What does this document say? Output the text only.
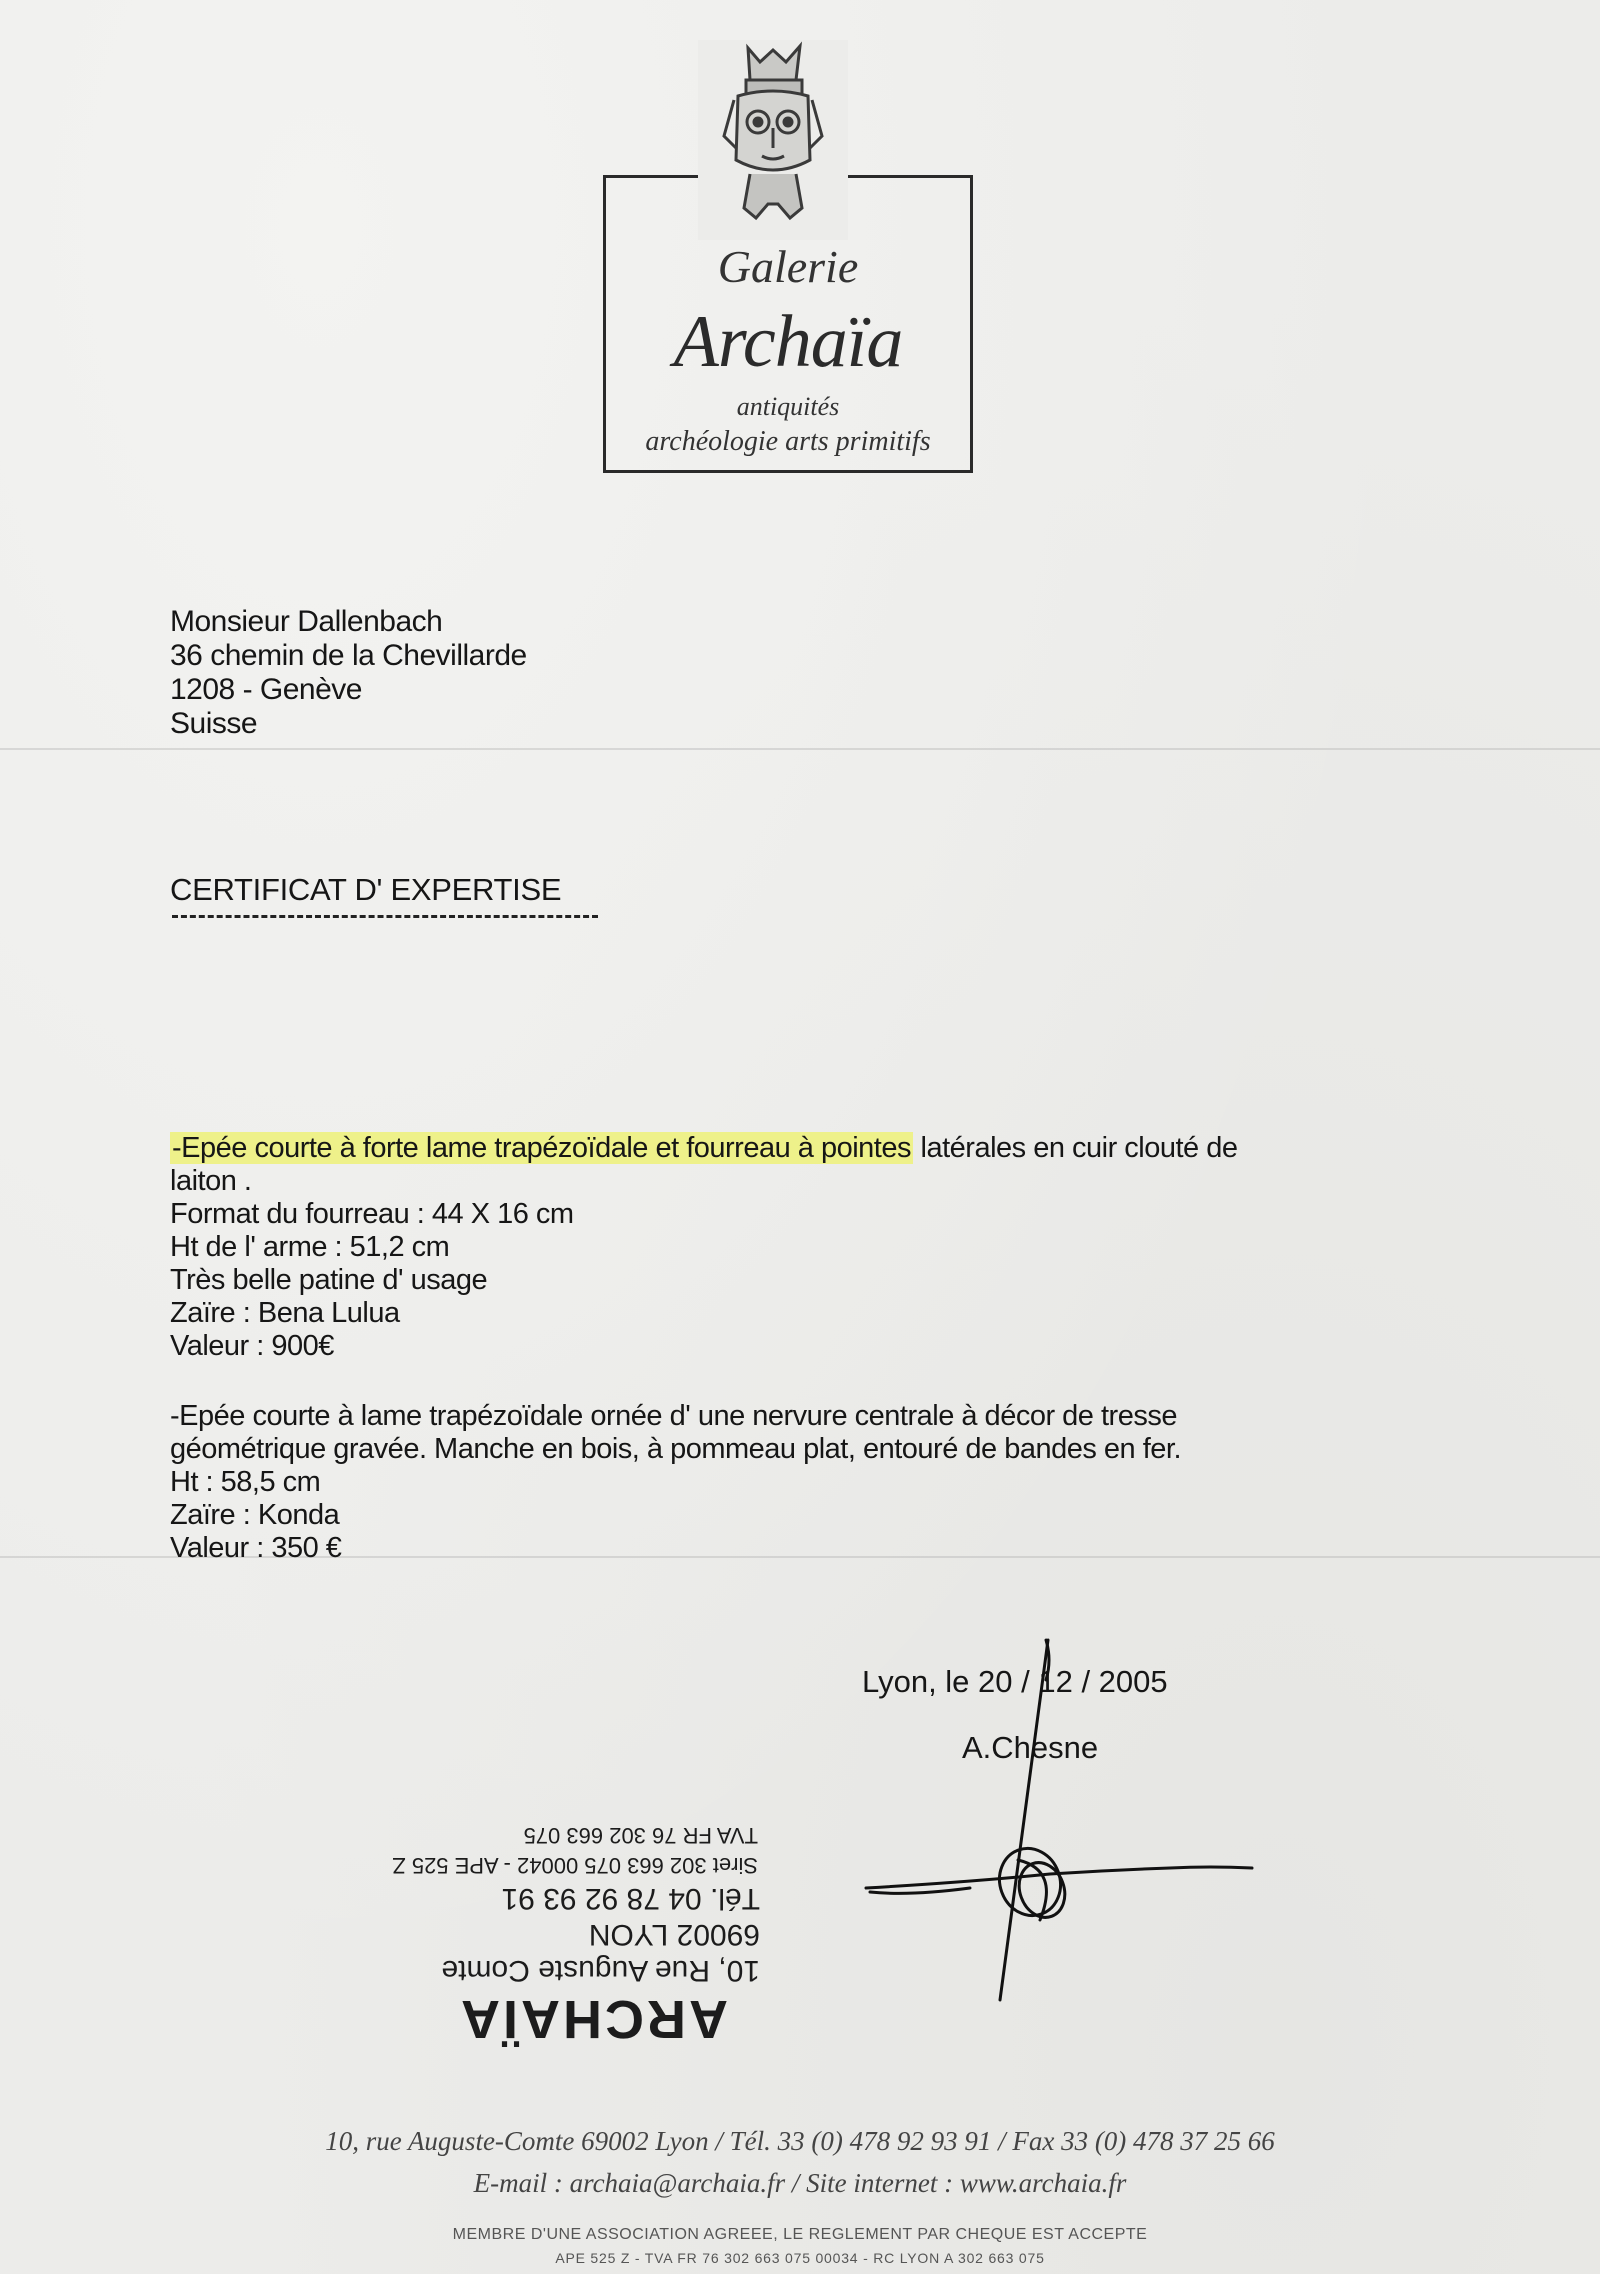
Galerie
Archaïa
antiquités
archéologie arts primitifs
Monsieur Dallenbach
36 chemin de la Chevillarde
1208 - Genève
Suisse
CERTIFICAT D' EXPERTISE
-Epée courte à forte lame trapézoïdale et fourreau à pointes latérales en cuir clouté de
laiton .
Format du fourreau : 44 X 16 cm
Ht de l' arme : 51,2 cm
Très belle patine d' usage
Zaïre : Bena Lulua
Valeur : 900€
-Epée courte à lame trapézoïdale ornée d' une nervure centrale à décor de tresse
géométrique gravée. Manche en bois, à pommeau plat, entouré de bandes en fer.
Ht : 58,5 cm
Zaïre : Konda
Valeur : 350 €
Lyon, le 20 / 12 / 2005
A.Chesne
ARCHAÏA
10, Rue Auguste Comte
69002 LYON
Tél. 04 78 92 93 91
Siret 302 663 075 00042 - APE 525 Z
TVA FR 76 302 663 075
10, rue Auguste-Comte 69002 Lyon / Tél. 33 (0) 478 92 93 91 / Fax 33 (0) 478 37 25 66
E-mail : archaia@archaia.fr / Site internet : www.archaia.fr
MEMBRE D'UNE ASSOCIATION AGREEE, LE REGLEMENT PAR CHEQUE EST ACCEPTE
APE 525 Z - TVA FR 76 302 663 075 00034 - RC LYON A 302 663 075
